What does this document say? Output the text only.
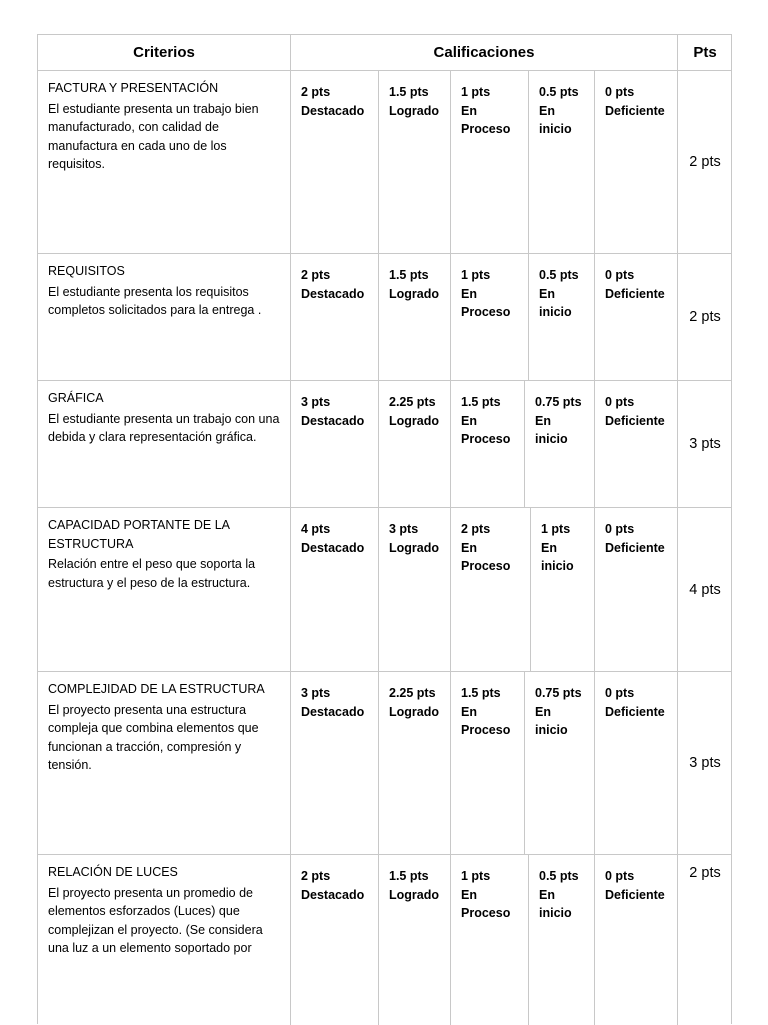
Criterios	Calificaciones	Pts
FACTURA Y PRESENTACIÓN
El estudiante presenta un trabajo bien manufacturado, con calidad de manufactura en cada uno de los requisitos.
2 pts
Destacado
1.5 pts
Logrado
1 pts
En
Proceso
0.5 pts
En
inicio
0 pts
Deficiente
2 pts
REQUISITOS
El estudiante presenta los requisitos completos solicitados para la entrega .
2 pts
Destacado
1.5 pts
Logrado
1 pts
En
Proceso
0.5 pts
En
inicio
0 pts
Deficiente
2 pts
GRÁFICA
El estudiante presenta un trabajo con una debida y clara representación gráfica.
3 pts
Destacado
2.25 pts
Logrado
1.5 pts
En
Proceso
0.75 pts
En
inicio
0 pts
Deficiente
3 pts
CAPACIDAD PORTANTE DE LA ESTRUCTURA
Relación entre el peso que soporta la estructura y el peso de la estructura.
4 pts
Destacado
3 pts
Logrado
2 pts
En
Proceso
1 pts
En
inicio
0 pts
Deficiente
4 pts
COMPLEJIDAD DE LA ESTRUCTURA
El proyecto presenta una estructura compleja que combina elementos que funcionan a tracción, compresión y tensión.
3 pts
Destacado
2.25 pts
Logrado
1.5 pts
En
Proceso
0.75 pts
En
inicio
0 pts
Deficiente
3 pts
RELACIÓN DE LUCES
El proyecto presenta un promedio de elementos esforzados (Luces) que complejizan el proyecto. (Se considera una luz a un elemento soportado por
2 pts
Destacado
1.5 pts
Logrado
1 pts
En
Proceso
0.5 pts
En
inicio
0 pts
Deficiente
2 pts
